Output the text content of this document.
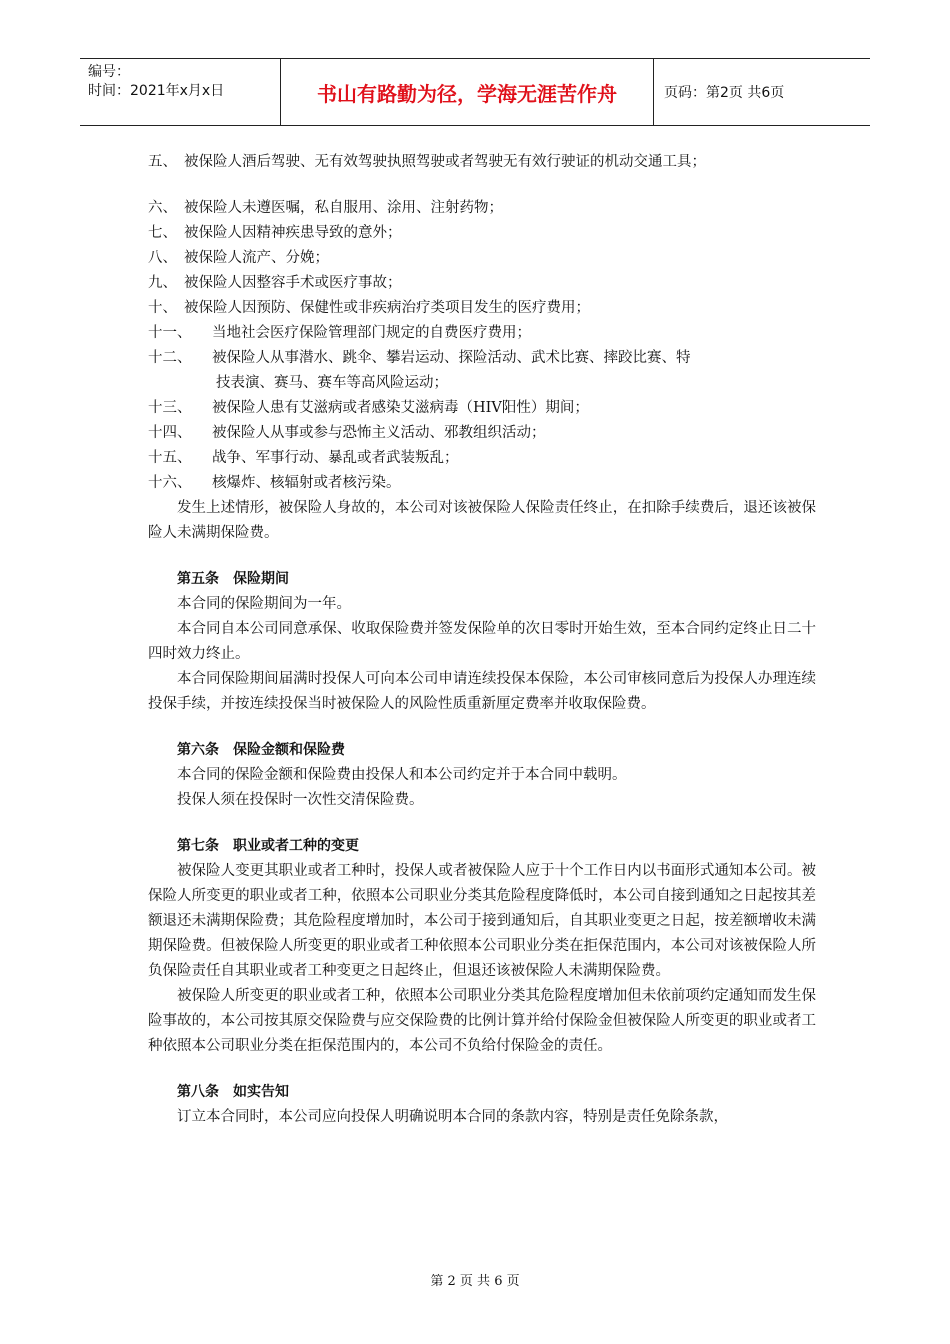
编号：
时间：2021年x月x日	书山有路勤为径，学海无涯苦作舟	页码：第2页 共6页
五、 被保险人酒后驾驶、无有效驾驶执照驾驶或者驾驶无有效行驶证的机动交通工具；
六、 被保险人未遵医嘱，私自服用、涂用、注射药物；
七、 被保险人因精神疾患导致的意外；
八、 被保险人流产、分娩；
九、 被保险人因整容手术或医疗事故；
十、 被保险人因预防、保健性或非疾病治疗类项目发生的医疗费用；
十一、	当地社会医疗保险管理部门规定的自费医疗费用；
十二、	被保险人从事潜水、跳伞、攀岩运动、探险活动、武术比赛、摔跤比赛、特
技表演、赛马、赛车等高风险运动；
十三、	被保险人患有艾滋病或者感染艾滋病毒（HIV阳性）期间；
十四、	被保险人从事或参与恐怖主义活动、邪教组织活动；
十五、	战争、军事行动、暴乱或者武装叛乱；
十六、	核爆炸、核辐射或者核污染。
发生上述情形，被保险人身故的，本公司对该被保险人保险责任终止，在扣除手续费后，退还该被保险人未满期保险费。
第五条　保险期间
本合同的保险期间为一年。
本合同自本公司同意承保、收取保险费并签发保险单的次日零时开始生效，至本合同约定终止日二十四时效力终止。
本合同保险期间届满时投保人可向本公司申请连续投保本保险，本公司审核同意后为投保人办理连续投保手续，并按连续投保当时被保险人的风险性质重新厘定费率并收取保险费。
第六条　保险金额和保险费
本合同的保险金额和保险费由投保人和本公司约定并于本合同中载明。
投保人须在投保时一次性交清保险费。
第七条　职业或者工种的变更
被保险人变更其职业或者工种时，投保人或者被保险人应于十个工作日内以书面形式通知本公司。被保险人所变更的职业或者工种，依照本公司职业分类其危险程度降低时，本公司自接到通知之日起按其差额退还未满期保险费；其危险程度增加时，本公司于接到通知后，自其职业变更之日起，按差额增收未满期保险费。但被保险人所变更的职业或者工种依照本公司职业分类在拒保范围内，本公司对该被保险人所负保险责任自其职业或者工种变更之日起终止，但退还该被保险人未满期保险费。
被保险人所变更的职业或者工种，依照本公司职业分类其危险程度增加但未依前项约定通知而发生保险事故的，本公司按其原交保险费与应交保险费的比例计算并给付保险金但被保险人所变更的职业或者工种依照本公司职业分类在拒保范围内的，本公司不负给付保险金的责任。
第八条　如实告知
订立本合同时，本公司应向投保人明确说明本合同的条款内容，特别是责任免除条款，
第 2 页 共 6 页
